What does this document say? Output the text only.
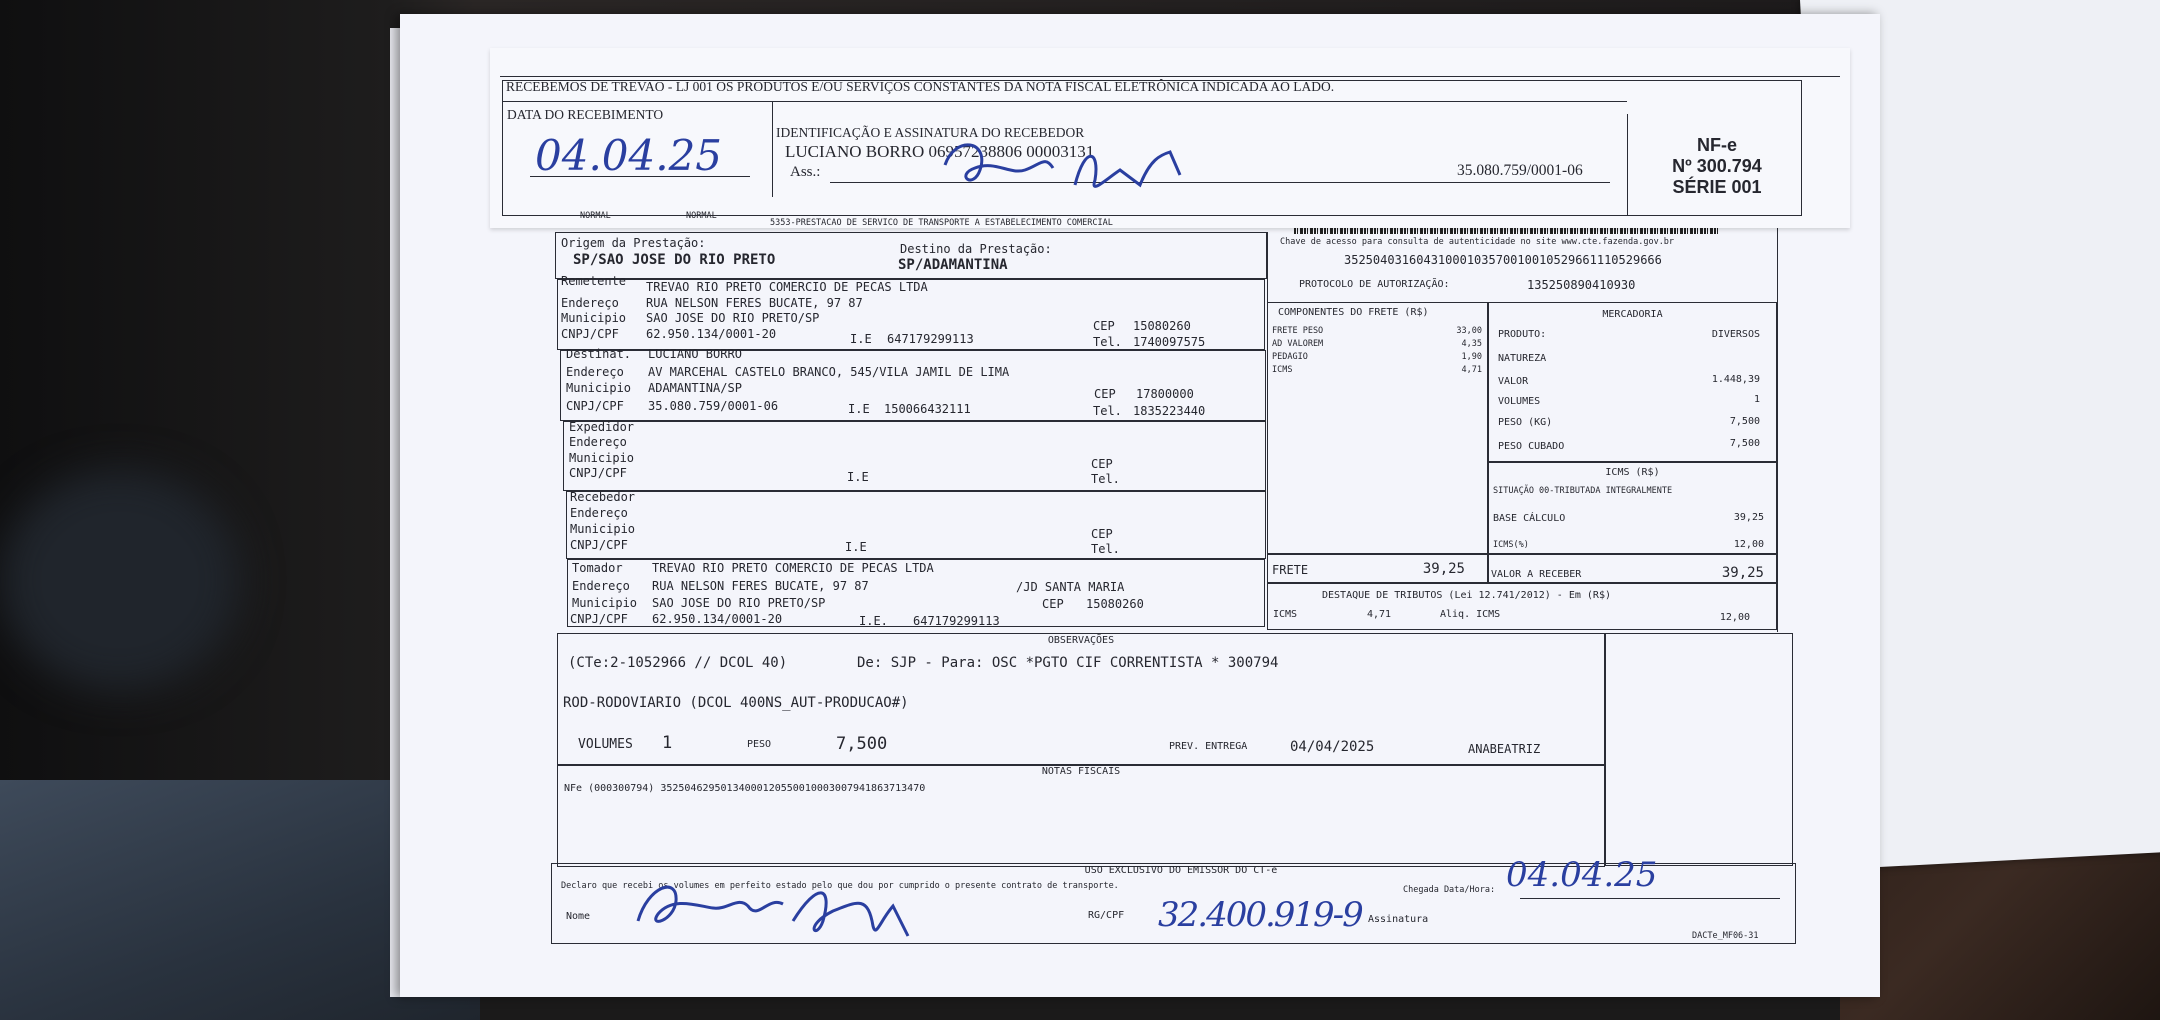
Origem da Prestação:
SP/SAO JOSE DO RIO PRETO
Destino da Prestação:
SP/ADAMANTINA
Remetente TREVAO RIO PRETO COMERCIO DE PECAS LTDA
Endereço RUA NELSON FERES BUCATE, 97 87
Municipio SAO JOSE DO RIO PRETO/SP
CEP 15080260
CNPJ/CPF 62.950.134/0001-20	I.E 647179299113	Tel. 1740097575
Destinat. LUCIANO BORRO
Endereço AV MARCEHAL CASTELO BRANCO, 545/VILA JAMIL DE LIMA
Municipio ADAMANTINA/SP	CEP 17800000
CNPJ/CPF 35.080.759/0001-06	I.E 150066432111	Tel. 1835223440
Expedidor
Endereço
Municipio
CNPJ/CPF	I.E
CEP
Tel.
Recebedor
Endereço
Municipio
CNPJ/CPF	I.E
CEP
Tel.
Tomador TREVAO RIO PRETO COMERCIO DE PECAS LTDA
Endereço RUA NELSON FERES BUCATE, 97 87	/JD SANTA MARIA
Municipio SAO JOSE DO RIO PRETO/SP	CEP 15080260
CNPJ/CPF 62.950.134/0001-20	I.E. 647179299113
Chave de acesso para consulta de autenticidade no site www.cte.fazenda.gov.br
35250403160431000103570010010529661110529666
PROTOCOLO DE AUTORIZAÇÃO:	135250890410930
COMPONENTES DO FRETE (R$)
FRETE PESO	33,00
AD VALOREM	4,35
PEDAGIO	1,90
ICMS	4,71
FRETE	39,25
MERCADORIA
PRODUTO:	DIVERSOS
NATUREZA
VALOR	1.448,39
VOLUMES	1
PESO (KG)	7,500
PESO CUBADO	7,500
ICMS (R$)
SITUAÇÃO 00-TRIBUTADA INTEGRALMENTE
BASE CÁLCULO	39,25
ICMS(%)	12,00
VALOR A RECEBER	39,25
DESTAQUE DE TRIBUTOS (Lei 12.741/2012) - Em (R$)
ICMS	4,71	Aliq. ICMS	12,00
OBSERVAÇÕES
(CTe:2-1052966 // DCOL 40)	De: SJP - Para: OSC *PGTO CIF CORRENTISTA * 300794
ROD-RODOVIARIO (DCOL 400NS_AUT-PRODUCAO#)
VOLUMES 1	PESO	7,500	PREV. ENTREGA	04/04/2025	ANABEATRIZ
NOTAS FISCAIS
NFe (000300794) 35250462950134000120550010003007941863713470
USO EXCLUSIVO DO EMISSOR DO CT-e
Declaro que recebi os volumes em perfeito estado pelo que dou por cumprido o presente contrato de transporte.	Chegada Data/Hora:
Nome	RG/CPF	Assinatura
DACTe_MF06-31
04.04.25
32.400.919-9
RECEBEMOS DE TREVAO - LJ 001 OS PRODUTOS E/OU SERVIÇOS CONSTANTES DA NOTA FISCAL ELETRÔNICA INDICADA AO LADO.
DATA DO RECEBIMENTO
IDENTIFICAÇÃO E ASSINATURA DO RECEBEDOR
LUCIANO BORRO 06957238806 00003131
Ass.:	35.080.759/0001-06
04.04.25	NF-e
Nº 300.794
SÉRIE 001
NORMAL	NORMAL
5353-PRESTACAO DE SERVICO DE TRANSPORTE A ESTABELECIMENTO COMERCIAL
